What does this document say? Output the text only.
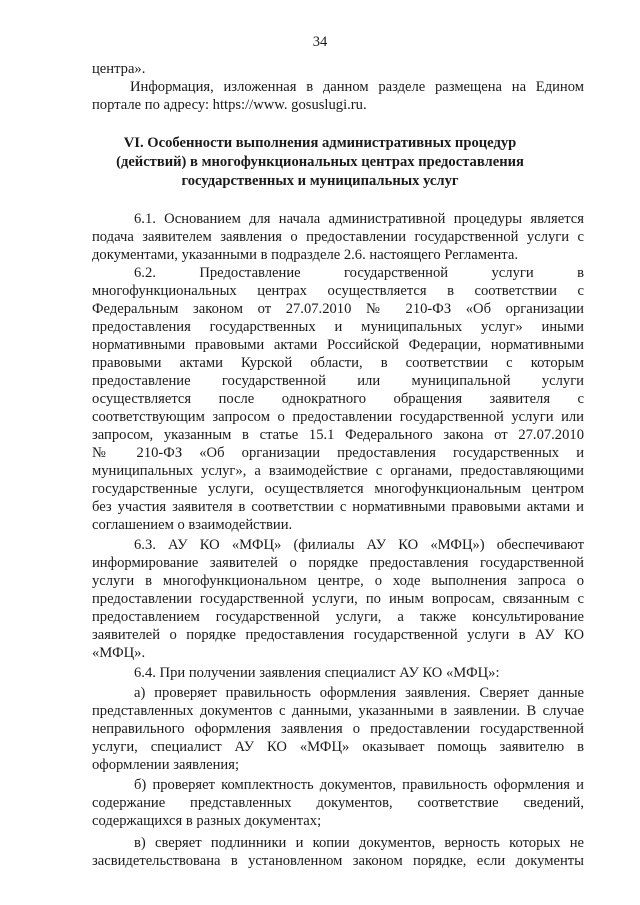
34
центра».
Информация, изложенная в данном разделе размещена на Едином
портале по адресу: https://www. gosuslugi.ru.
VI. Особенности выполнения административных процедур
(действий) в многофункциональных центрах предоставления
государственных и муниципальных услуг
6.1. Основанием для начала административной процедуры является
подача заявителем заявления о предоставлении государственной услуги с
документами, указанными в подразделе 2.6. настоящего Регламента.
6.2. Предоставление государственной услуги в
многофункциональных центрах осуществляется в соответствии с
Федеральным законом от 27.07.2010 № 210-ФЗ «Об организации
предоставления государственных и муниципальных услуг» иными
нормативными правовыми актами Российской Федерации, нормативными
правовыми актами Курской области, в соответствии с которым
предоставление государственной или муниципальной услуги
осуществляется после однократного обращения заявителя с
соответствующим запросом о предоставлении государственной услуги или
запросом, указанным в статье 15.1 Федерального закона от 27.07.2010
№ 210-ФЗ «Об организации предоставления государственных и
муниципальных услуг», а взаимодействие с органами, предоставляющими
государственные услуги, осуществляется многофункциональным центром
без участия заявителя в соответствии с нормативными правовыми актами и
соглашением о взаимодействии.
6.3. АУ КО «МФЦ» (филиалы АУ КО «МФЦ») обеспечивают
информирование заявителей о порядке предоставления государственной
услуги в многофункциональном центре, о ходе выполнения запроса о
предоставлении государственной услуги, по иным вопросам, связанным с
предоставлением государственной услуги, а также консультирование
заявителей о порядке предоставления государственной услуги в АУ КО
«МФЦ».
6.4. При получении заявления специалист АУ КО «МФЦ»:
а) проверяет правильность оформления заявления. Сверяет данные
представленных документов с данными, указанными в заявлении. В случае
неправильного оформления заявления о предоставлении государственной
услуги, специалист АУ КО «МФЦ» оказывает помощь заявителю в
оформлении заявления;
б) проверяет комплектность документов, правильность оформления и
содержание представленных документов, соответствие сведений,
содержащихся в разных документах;
в) сверяет подлинники и копии документов, верность которых не
засвидетельствована в установленном законом порядке, если документы
